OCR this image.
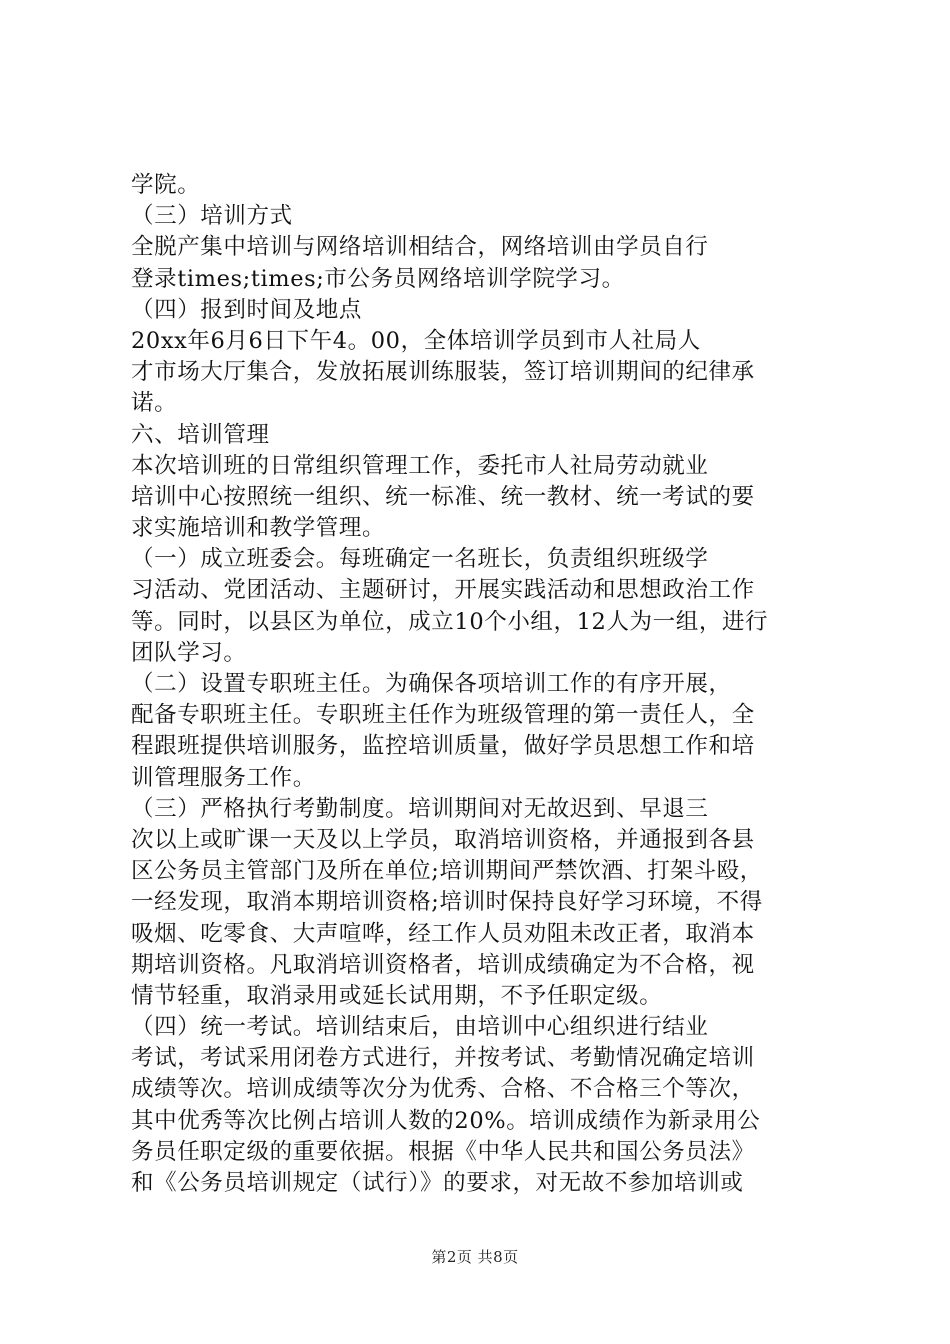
学院。
（三）培训方式
全脱产集中培训与网络培训相结合，网络培训由学员自行
登录times;times;市公务员网络培训学院学习。
（四）报到时间及地点
20xx年6月6日下午4。00，全体培训学员到市人社局人
才市场大厅集合，发放拓展训练服装，签订培训期间的纪律承
诺。
六、培训管理
本次培训班的日常组织管理工作，委托市人社局劳动就业
培训中心按照统一组织、统一标准、统一教材、统一考试的要
求实施培训和教学管理。
（一）成立班委会。每班确定一名班长，负责组织班级学
习活动、党团活动、主题研讨，开展实践活动和思想政治工作
等。同时，以县区为单位，成立10个小组，12人为一组，进行
团队学习。
（二）设置专职班主任。为确保各项培训工作的有序开展，
配备专职班主任。专职班主任作为班级管理的第一责任人，全
程跟班提供培训服务，监控培训质量，做好学员思想工作和培
训管理服务工作。
（三）严格执行考勤制度。培训期间对无故迟到、早退三
次以上或旷课一天及以上学员，取消培训资格，并通报到各县
区公务员主管部门及所在单位;培训期间严禁饮酒、打架斗殴，
一经发现，取消本期培训资格;培训时保持良好学习环境，不得
吸烟、吃零食、大声喧哗，经工作人员劝阻未改正者，取消本
期培训资格。凡取消培训资格者，培训成绩确定为不合格，视
情节轻重，取消录用或延长试用期，不予任职定级。
（四）统一考试。培训结束后，由培训中心组织进行结业
考试，考试采用闭卷方式进行，并按考试、考勤情况确定培训
成绩等次。培训成绩等次分为优秀、合格、不合格三个等次，
其中优秀等次比例占培训人数的20%。培训成绩作为新录用公
务员任职定级的重要依据。根据《中华人民共和国公务员法》
和《公务员培训规定（试行）》的要求，对无故不参加培训或
第2页 共8页
